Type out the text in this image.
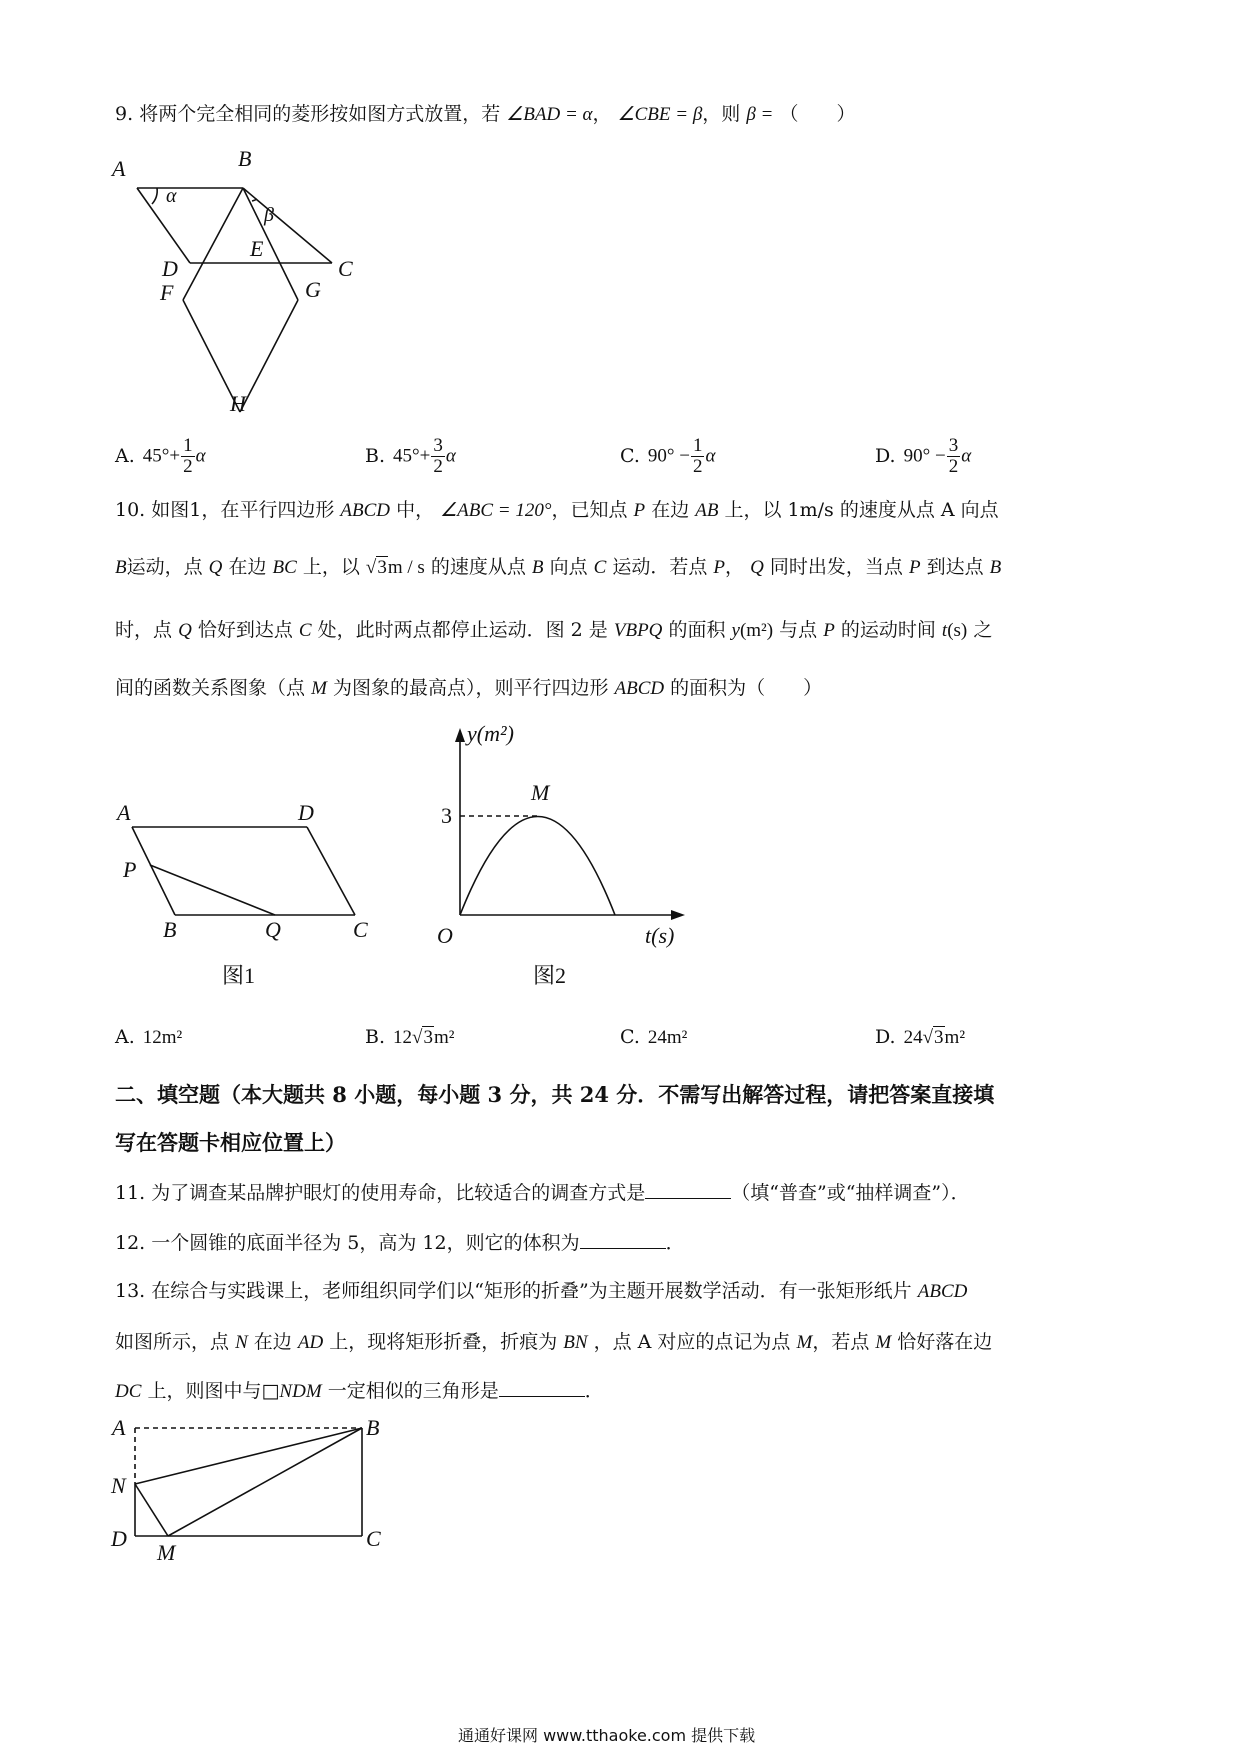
9. 将两个完全相同的菱形按如图方式放置，若 ∠BAD = α， ∠CBE = β，则 β = （　　）
A	B
C
D
E
F	G
H
α
β
A. $45^\circ+ \frac{1}{2}$ α	B. $45^\circ+ \frac{3}{2}$ α	C. $90^\circ - \frac{1}{2}$ α	D. $90^\circ - \frac{3}{2}$ α
10. 如图1，在平行四边形 ABCD 中， ∠ABC = 120°，已知点 P 在边 AB 上，以 1m/s 的速度从点 A 向点
B运动，点 Q 在边 BC 上，以 √3m / s 的速度从点 B 向点 C 运动．若点 P， Q 同时出发，当点 P 到达点 B
时，点 Q 恰好到达点 C 处，此时两点都停止运动．图 2 是 VBPQ 的面积 y(m²) 与点 P 的运动时间 t(s) 之
间的函数关系图象（点 M 为图象的最高点），则平行四边形 ABCD 的面积为（　　）
A	D
P
B	Q	C
图1
y(m²)
3
M
O	t(s)
图2
A. 12m²	B. 12√3m²	C. 24m²	D. 24√3m²
二、填空题（本大题共 8 小题，每小题 3 分，共 24 分．不需写出解答过程，请把答案直接填
写在答题卡相应位置上）
11. 为了调查某品牌护眼灯的使用寿命，比较适合的调查方式是	（填“普查”或“抽样调查”）．
12. 一个圆锥的底面半径为 5，高为 12，则它的体积为	．
13. 在综合与实践课上，老师组织同学们以“矩形的折叠”为主题开展数学活动．有一张矩形纸片 ABCD
如图所示，点 N 在边 AD 上，现将矩形折叠，折痕为 BN ，点 A 对应的点记为点 M，若点 M 恰好落在边
DC 上，则图中与□NDM 一定相似的三角形是	．
A	B
N
D
M
C
通通好课网 www.tthaoke.com 提供下载
